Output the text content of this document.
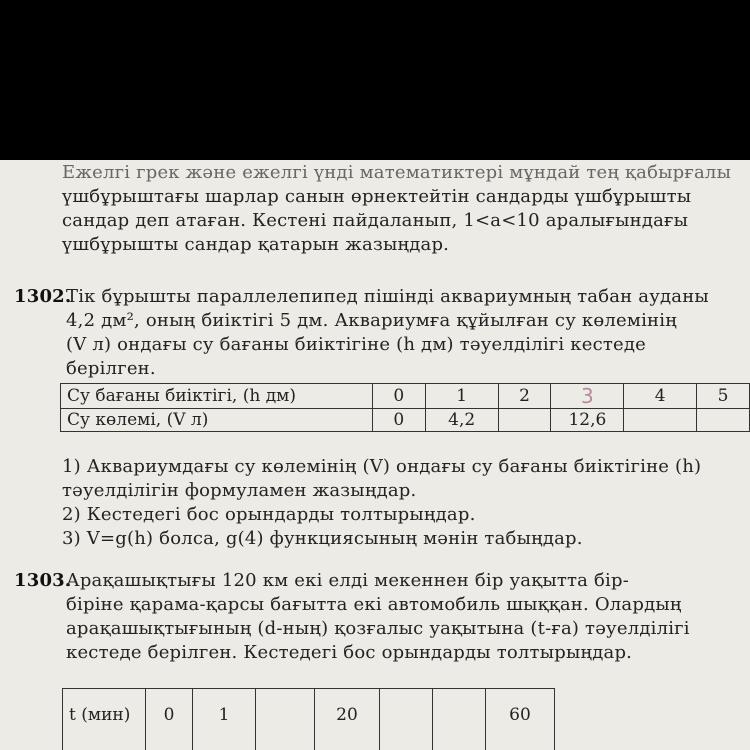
Ежелгі грек және ежелгі үнді математиктері мұндай тең қабырғалы
үшбұрыштағы шарлар санын өрнектейтін сандарды үшбұрышты
сандар деп атаған. Кестені пайдаланып, 1<a<10 аралығындағы
үшбұрышты сандар қатарын жазыңдар.
1302.
Тік бұрышты параллелепипед пішінді аквариумның табан ауданы
4,2 дм², оның биіктігі 5 дм. Аквариумға құйылған су көлемінің
(V л) ондағы су бағаны биіктігіне (h дм) тәуелділігі кестеде
берілген.
Су бағаны биіктігі, (h дм)	0	1	2	3	4	5
Су көлемі, (V л)	0	4,2		12,6		
1) Аквариумдағы су көлемінің (V) ондағы су бағаны биіктігіне (h)
тәуелділігін формуламен жазыңдар.
2) Кестедегі бос орындарды толтырыңдар.
3) V=g(h) болса, g(4) функциясының мәнін табыңдар.
1303.
Арақашықтығы 120 км екі елді мекеннен бір уақытта бір-
біріне қарама-қарсы бағытта екі автомобиль шыққан. Олардың
арақашықтығының (d-ның) қозғалыс уақытына (t-ға) тәуелділігі
кестеде берілген. Кестедегі бос орындарды толтырыңдар.
t (мин)	0	1		20			60
